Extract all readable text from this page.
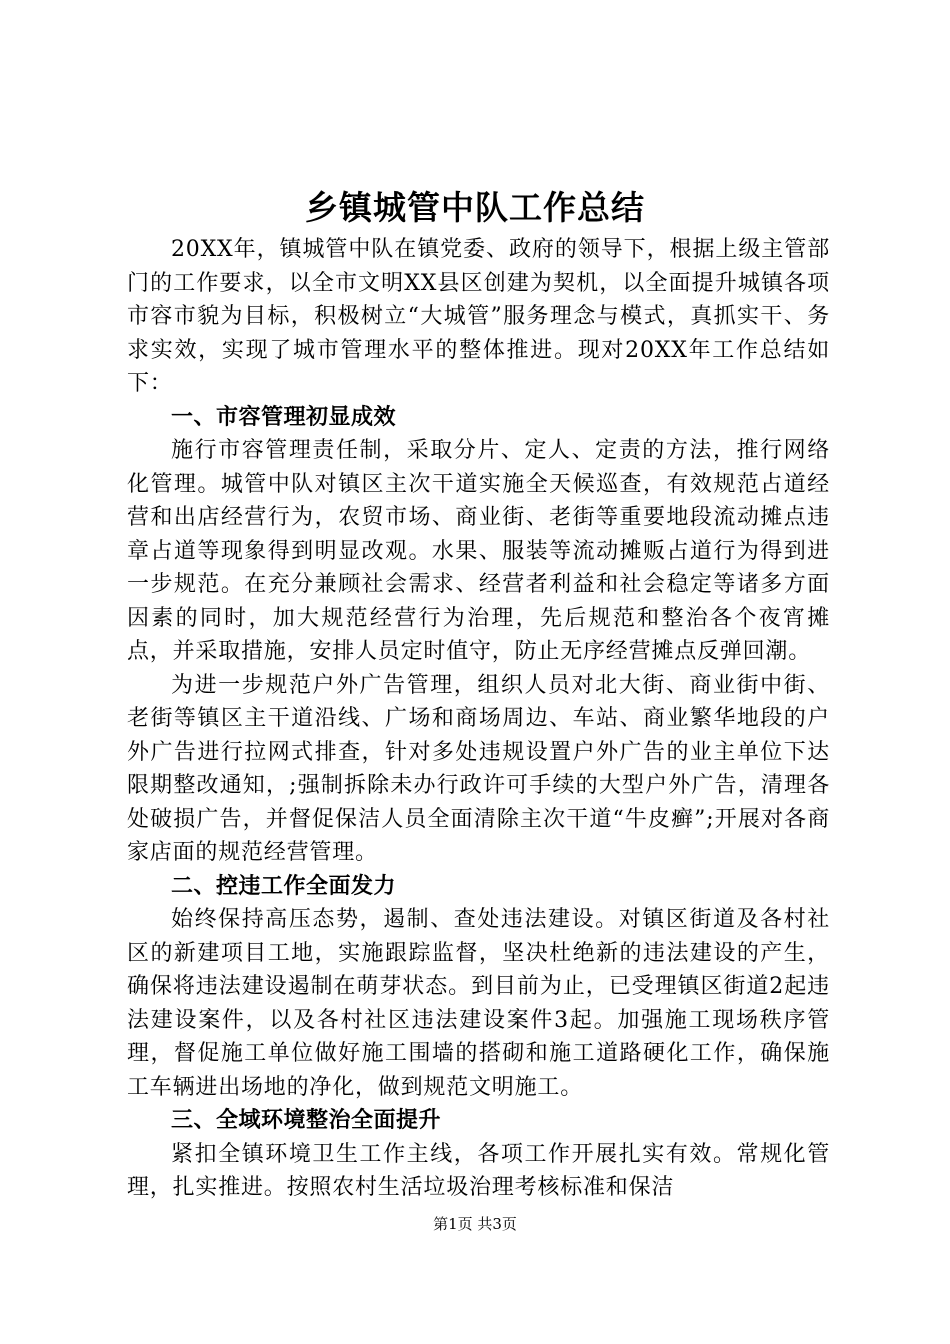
乡镇城管中队工作总结

20XX年，镇城管中队在镇党委、政府的领导下，根据上级主管部门的工作要求，以全市文明XX县区创建为契机，以全面提升城镇各项市容市貌为目标，积极树立“大城管”服务理念与模式，真抓实干、务求实效，实现了城市管理水平的整体推进。现对20XX年工作总结如下：

一、市容管理初显成效

施行市容管理责任制，采取分片、定人、定责的方法，推行网络化管理。城管中队对镇区主次干道实施全天候巡查，有效规范占道经营和出店经营行为，农贸市场、商业街、老街等重要地段流动摊点违章占道等现象得到明显改观。水果、服装等流动摊贩占道行为得到进一步规范。在充分兼顾社会需求、经营者利益和社会稳定等诸多方面因素的同时，加大规范经营行为治理，先后规范和整治各个夜宵摊点，并采取措施，安排人员定时值守，防止无序经营摊点反弹回潮。

为进一步规范户外广告管理，组织人员对北大街、商业街中街、老街等镇区主干道沿线、广场和商场周边、车站、商业繁华地段的户外广告进行拉网式排查，针对多处违规设置户外广告的业主单位下达限期整改通知，;强制拆除未办行政许可手续的大型户外广告，清理各处破损广告，并督促保洁人员全面清除主次干道“牛皮癣”;开展对各商家店面的规范经营管理。

二、控违工作全面发力

始终保持高压态势，遏制、查处违法建设。对镇区街道及各村社区的新建项目工地，实施跟踪监督，坚决杜绝新的违法建设的产生，确保将违法建设遏制在萌芽状态。到目前为止，已受理镇区街道2起违法建设案件，以及各村社区违法建设案件3起。加强施工现场秩序管理，督促施工单位做好施工围墙的搭砌和施工道路硬化工作，确保施工车辆进出场地的净化，做到规范文明施工。

三、全域环境整治全面提升

紧扣全镇环境卫生工作主线，各项工作开展扎实有效。常规化管理，扎实推进。按照农村生活垃圾治理考核标准和保洁

第1页 共3页
